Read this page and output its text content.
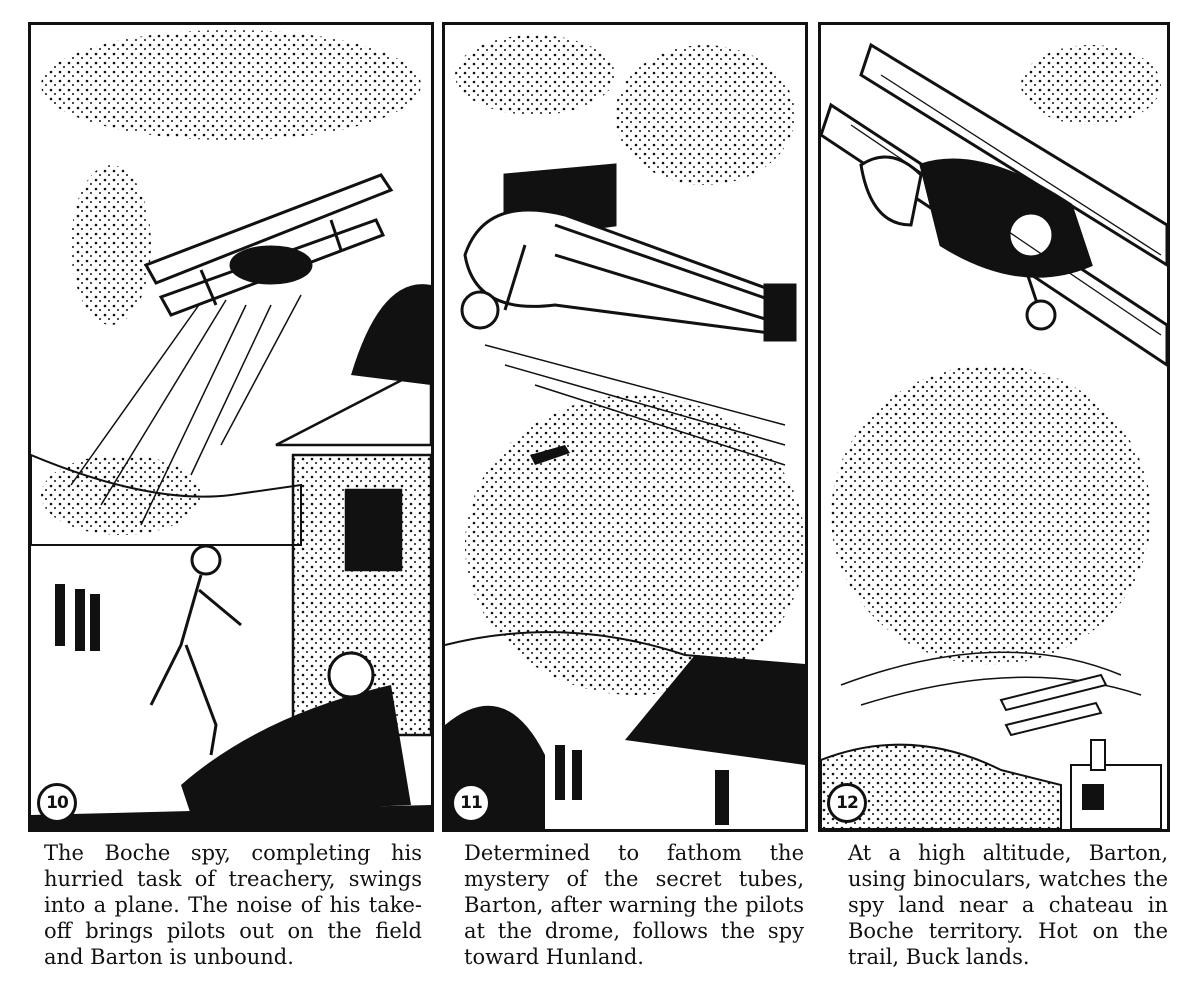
10	11	12

The Boche spy, completing his hurried task of treachery, swings into a plane. The noise of his take-off brings pilots out on the field and Barton is unbound.

Determined to fathom the mystery of the secret tubes, Barton, after warning the pilots at the drome, follows the spy toward Hunland.

At a high altitude, Barton, using binoculars, watches the spy land near a chateau in Boche territory. Hot on the trail, Buck lands.
